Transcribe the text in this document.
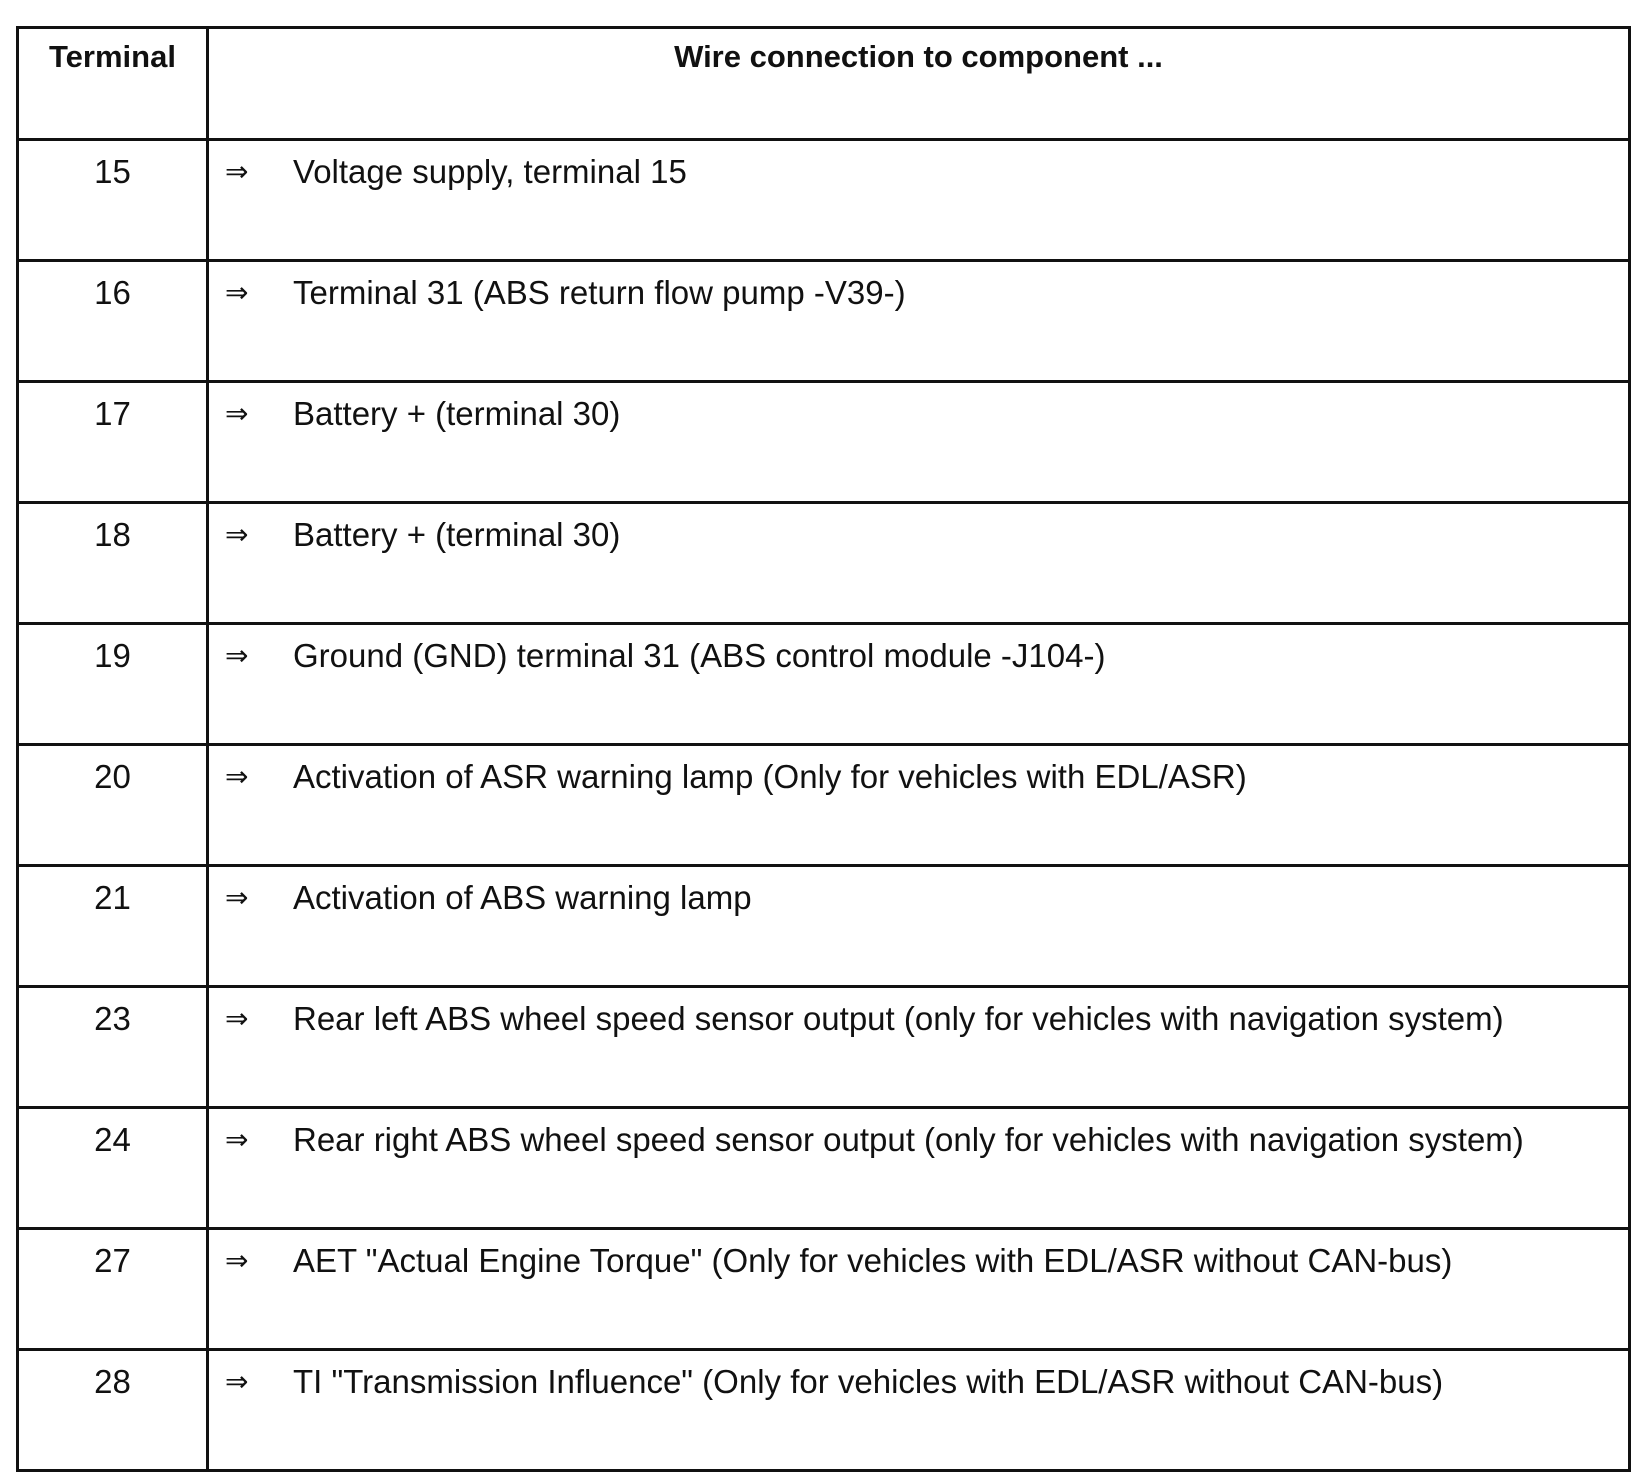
Terminal	Wire connection to component ...
15	⇒ Voltage supply, terminal 15
16	⇒ Terminal 31 (ABS return flow pump -V39-)
17	⇒ Battery + (terminal 30)
18	⇒ Battery + (terminal 30)
19	⇒ Ground (GND) terminal 31 (ABS control module -J104-)
20	⇒ Activation of ASR warning lamp (Only for vehicles with EDL/ASR)
21	⇒ Activation of ABS warning lamp
23	⇒ Rear left ABS wheel speed sensor output (only for vehicles with navigation system)
24	⇒ Rear right ABS wheel speed sensor output (only for vehicles with navigation system)
27	⇒ AET "Actual Engine Torque" (Only for vehicles with EDL/ASR without CAN-bus)
28	⇒ TI "Transmission Influence" (Only for vehicles with EDL/ASR without CAN-bus)
